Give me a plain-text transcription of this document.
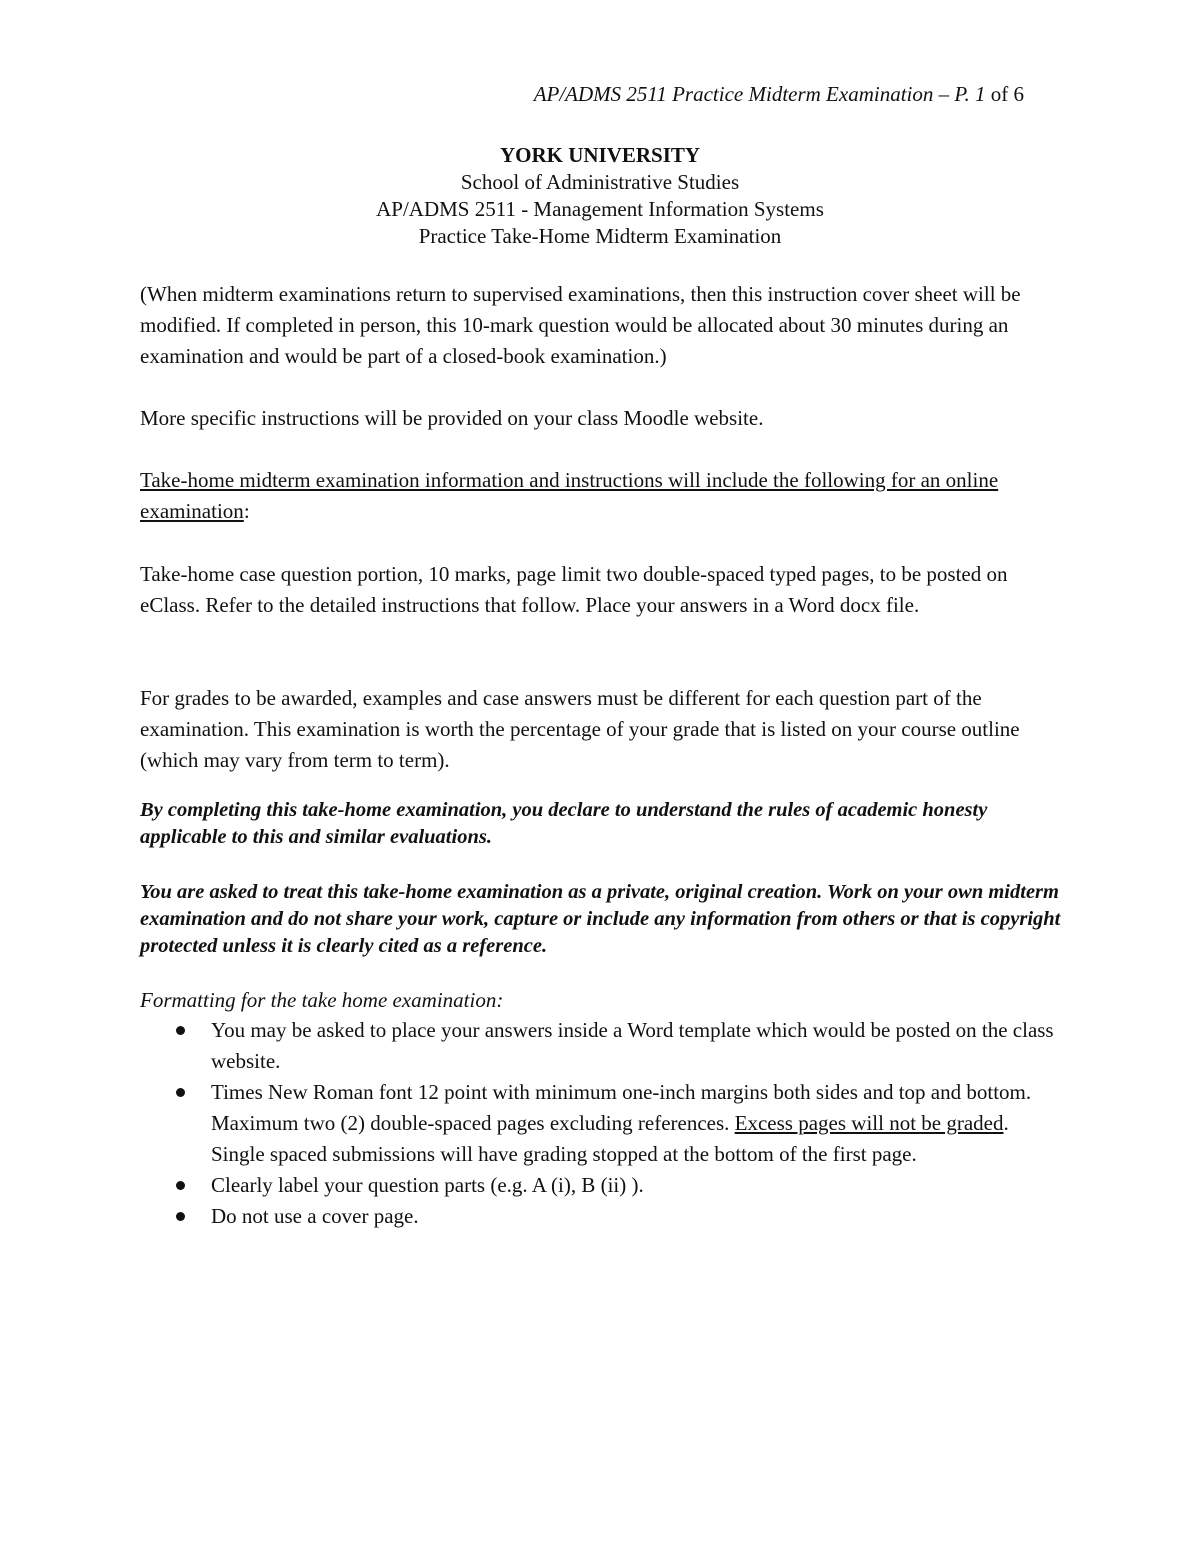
AP/ADMS 2511 Practice Midterm Examination – P. 1 of 6
YORK UNIVERSITY
School of Administrative Studies
AP/ADMS 2511 - Management Information Systems
Practice Take-Home Midterm Examination

(When midterm examinations return to supervised examinations, then this instruction cover sheet will be modified. If completed in person, this 10-mark question would be allocated about 30 minutes during an examination and would be part of a closed-book examination.)

More specific instructions will be provided on your class Moodle website.

Take-home midterm examination information and instructions will include the following for an online examination:

Take-home case question portion, 10 marks, page limit two double-spaced typed pages, to be posted on eClass. Refer to the detailed instructions that follow. Place your answers in a Word docx file.

For grades to be awarded, examples and case answers must be different for each question part of the examination. This examination is worth the percentage of your grade that is listed on your course outline (which may vary from term to term).

By completing this take-home examination, you declare to understand the rules of academic honesty applicable to this and similar evaluations.

You are asked to treat this take-home examination as a private, original creation. Work on your own midterm examination and do not share your work, capture or include any information from others or that is copyright protected unless it is clearly cited as a reference.

Formatting for the take home examination:

You may be asked to place your answers inside a Word template which would be posted on the class website.
Times New Roman font 12 point with minimum one-inch margins both sides and top and bottom. Maximum two (2) double-spaced pages excluding references. Excess pages will not be graded. Single spaced submissions will have grading stopped at the bottom of the first page.
Clearly label your question parts (e.g. A (i), B (ii) ).
Do not use a cover page.
